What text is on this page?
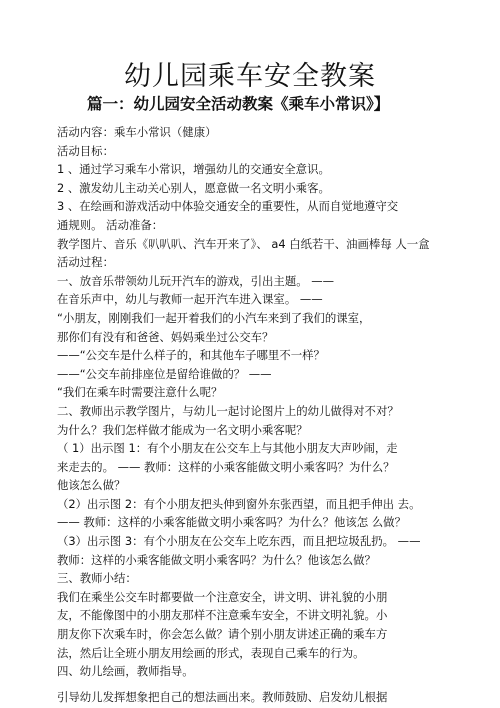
幼儿园乘车安全教案
篇一：幼儿园安全活动教案《乘车小常识》】
活动内容：乘车小常识（健康）
活动目标：
1 、通过学习乘车小常识，增强幼儿的交通安全意识。
2 、激发幼儿主动关心别人，愿意做一名文明小乘客。
3 、在绘画和游戏活动中体验交通安全的重要性，从而自觉地遵守交
通规则。 活动准备：
教学图片、音乐《叭叭叭、汽车开来了》、 a4 白纸若干、油画棒每 人一盒
活动过程：
一、放音乐带领幼儿玩开汽车的游戏，引出主题。 ——
在音乐声中，幼儿与教师一起开汽车进入课室。 ——
“小朋友，刚刚我们一起开着我们的小汽车来到了我们的课室，
那你们有没有和爸爸、妈妈乘坐过公交车？
——“公交车是什么样子的，和其他车子哪里不一样？
——“公交车前排座位是留给谁做的？ ——
“我们在乘车时需要注意什么呢？
二、教师出示教学图片，与幼儿一起讨论图片上的幼儿做得对不对？
为什么？我们怎样做才能成为一名文明小乘客呢？
（ 1）出示图 1：有个小朋友在公交车上与其他小朋友大声吵闹，走
来走去的。 —— 教师：这样的小乘客能做文明小乘客吗？为什么？
他该怎么做？
（2）出示图 2：有个小朋友把头伸到窗外东张西望，而且把手伸出 去。
—— 教师：这样的小乘客能做文明小乘客吗？为什么？他该怎 么做？
（3）出示图 3：有个小朋友在公交车上吃东西，而且把垃圾乱扔。 ——
教师：这样的小乘客能做文明小乘客吗？为什么？他该怎么做？
三、教师小结：
我们在乘坐公交车时都要做一个注意安全，讲文明、讲礼貌的小朋
友，不能像图中的小朋友那样不注意乘车安全，不讲文明礼貌。小
朋友你下次乘车时，你会怎么做？请个别小朋友讲述正确的乘车方
法，然后让全班小朋友用绘画的形式，表现自己乘车的行为。
四、幼儿绘画，教师指导。
引导幼儿发挥想象把自己的想法画出来。教师鼓励、启发幼儿根据
